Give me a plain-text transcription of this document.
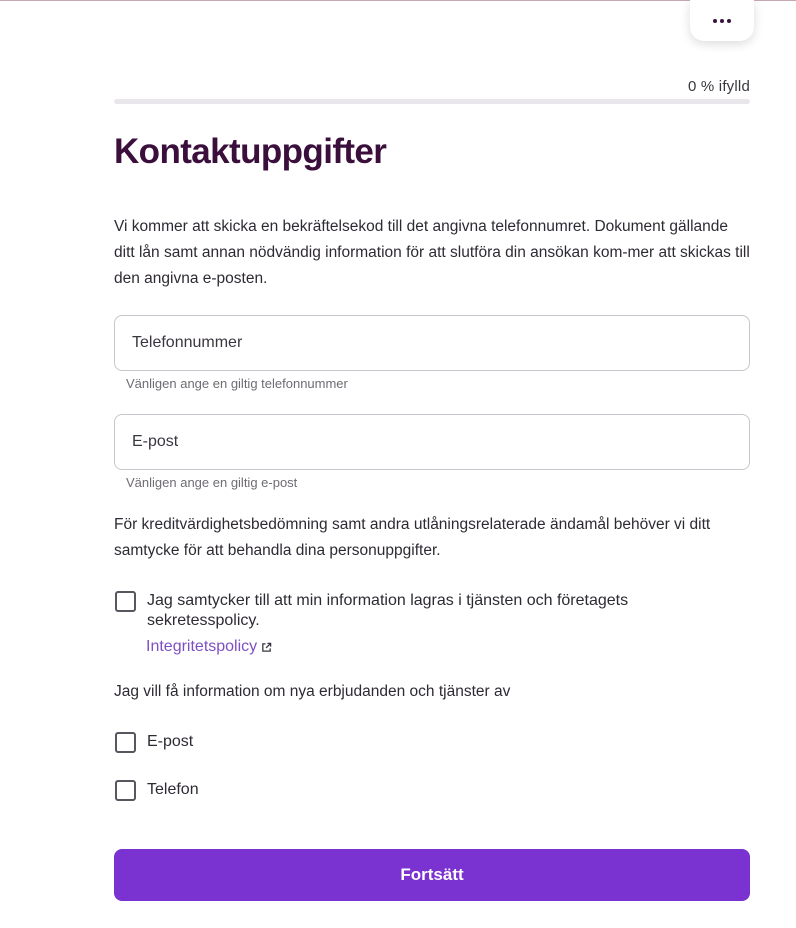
0 % ifylld
Kontaktuppgifter

Vi kommer att skicka en bekräftelsekod till det angivna telefonnumret. Dokument gällande ditt lån samt annan nödvändig information för att slutföra din ansökan kom-mer att skickas till den angivna e-posten.

Telefonnummer
Vänligen ange en giltig telefonnummer
E-post
Vänligen ange en giltig e-post

För kreditvärdighetsbedömning samt andra utlåningsrelaterade ändamål behöver vi ditt samtycke för att behandla dina personuppgifter.

Jag samtycker till att min information lagras i tjänsten och företagets sekretesspolicy.
Integritetspolicy

Jag vill få information om nya erbjudanden och tjänster av

E-post
Telefon
Fortsätt
